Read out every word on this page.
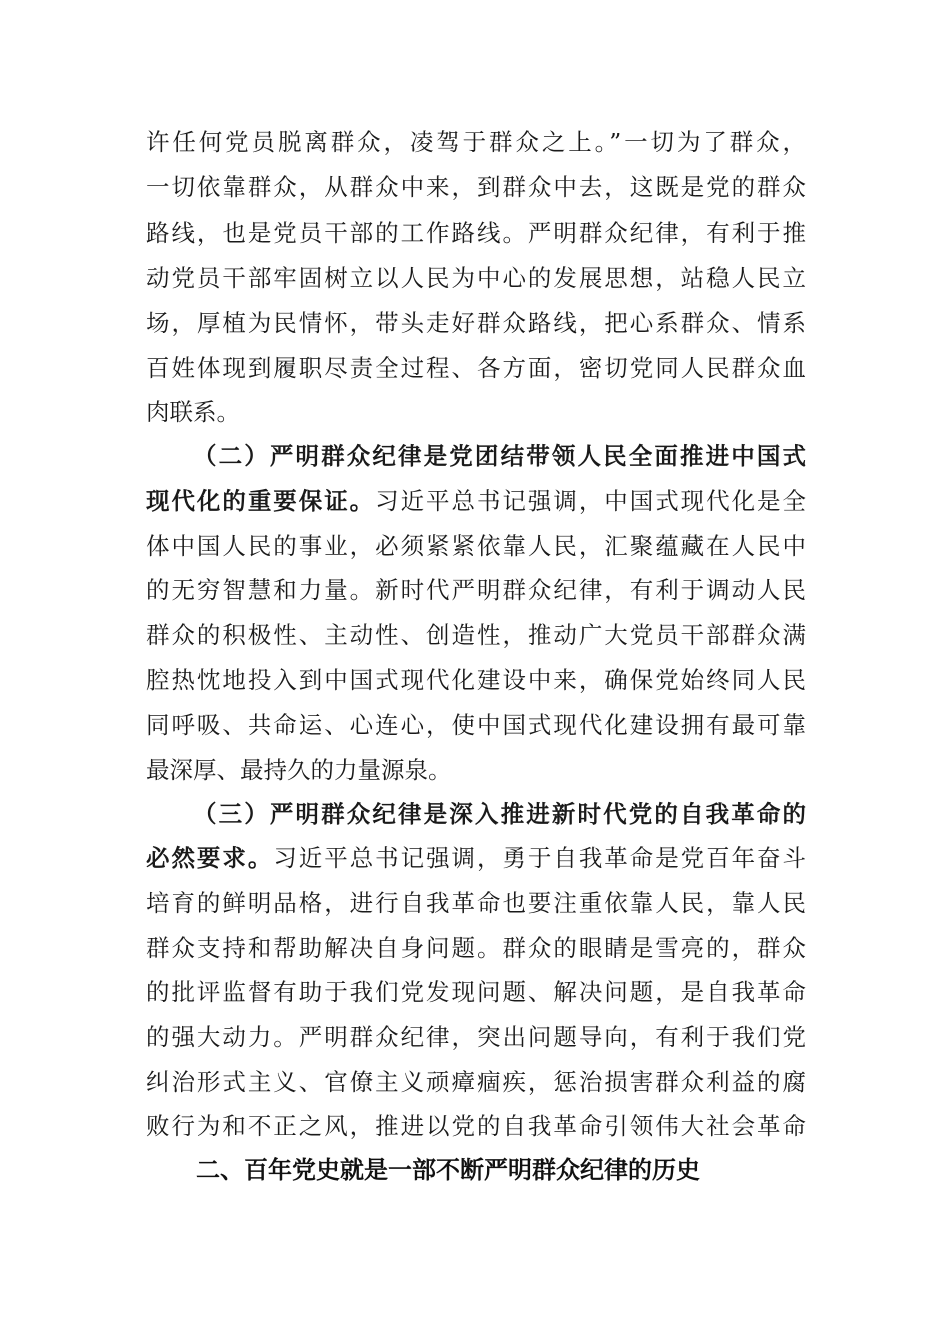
许任何党员脱离群众，凌驾于群众之上。”一切为了群众，
一切依靠群众，从群众中来，到群众中去，这既是党的群众
路线，也是党员干部的工作路线。严明群众纪律，有利于推
动党员干部牢固树立以人民为中心的发展思想，站稳人民立
场，厚植为民情怀，带头走好群众路线，把心系群众、情系
百姓体现到履职尽责全过程、各方面，密切党同人民群众血
肉联系。
（二）严明群众纪律是党团结带领人民全面推进中国式
现代化的重要保证。习近平总书记强调，中国式现代化是全
体中国人民的事业，必须紧紧依靠人民，汇聚蕴藏在人民中
的无穷智慧和力量。新时代严明群众纪律，有利于调动人民
群众的积极性、主动性、创造性，推动广大党员干部群众满
腔热忱地投入到中国式现代化建设中来，确保党始终同人民
同呼吸、共命运、心连心，使中国式现代化建设拥有最可靠
最深厚、最持久的力量源泉。
（三）严明群众纪律是深入推进新时代党的自我革命的
必然要求。习近平总书记强调，勇于自我革命是党百年奋斗
培育的鲜明品格，进行自我革命也要注重依靠人民，靠人民
群众支持和帮助解决自身问题。群众的眼睛是雪亮的，群众
的批评监督有助于我们党发现问题、解决问题，是自我革命
的强大动力。严明群众纪律，突出问题导向，有利于我们党
纠治形式主义、官僚主义顽瘴痼疾，惩治损害群众利益的腐
败行为和不正之风，推进以党的自我革命引领伟大社会革命
二、百年党史就是一部不断严明群众纪律的历史
